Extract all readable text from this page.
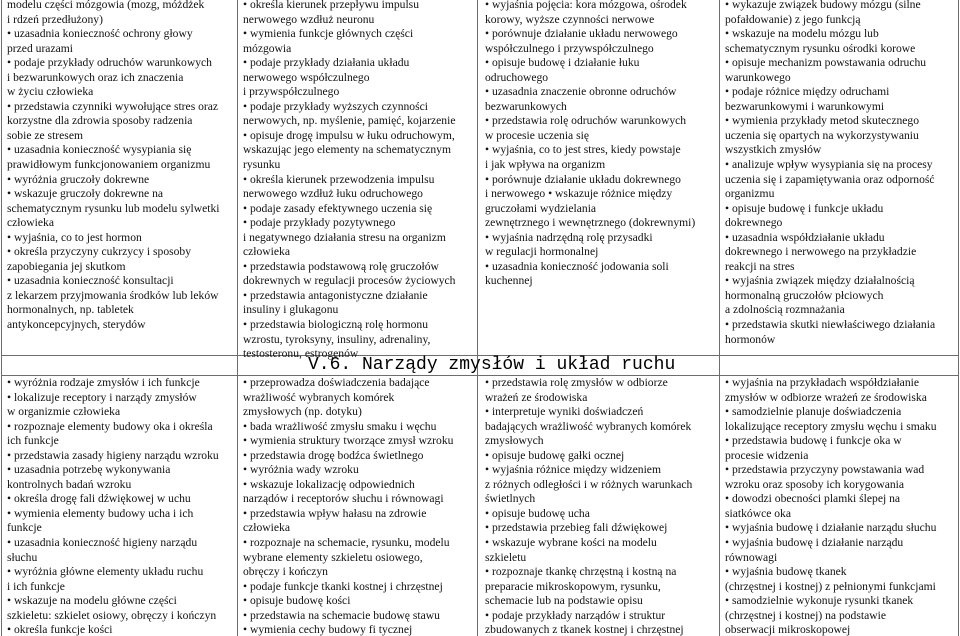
V.6. Narządy zmysłów i układ ruchu
modelu części mózgowia (mozg, móżdżek
i rdzeń przedłużony)
• uzasadnia konieczność ochrony głowy
przed urazami
• podaje przykłady odruchów warunkowych
i bezwarunkowych oraz ich znaczenia
w życiu człowieka
• przedstawia czynniki wywołujące stres oraz
korzystne dla zdrowia sposoby radzenia
sobie ze stresem
• uzasadnia konieczność wysypiania się
prawidłowym funkcjonowaniem organizmu
• wyróżnia gruczoły dokrewne
• wskazuje gruczoły dokrewne na
schematycznym rysunku lub modelu sylwetki
człowieka
• wyjaśnia, co to jest hormon
• określa przyczyny cukrzycy i sposoby
zapobiegania jej skutkom
• uzasadnia konieczność konsultacji
z lekarzem przyjmowania środków lub leków
hormonalnych, np. tabletek
antykoncepcyjnych, sterydów
• określa kierunek przepływu impulsu
nerwowego wzdłuż neuronu
• wymienia funkcje głównych części
mózgowia
• podaje przykłady działania układu
nerwowego współczulnego
i przywspółczulnego
• podaje przykłady wyższych czynności
nerwowych, np. myślenie, pamięć, kojarzenie
• opisuje drogę impulsu w łuku odruchowym,
wskazując jego elementy na schematycznym
rysunku
• określa kierunek przewodzenia impulsu
nerwowego wzdłuż łuku odruchowego
• podaje zasady efektywnego uczenia się
• podaje przykłady pozytywnego
i negatywnego działania stresu na organizm
człowieka
• przedstawia podstawową rolę gruczołów
dokrewnych w regulacji procesów życiowych
• przedstawia antagonistyczne działanie
insuliny i glukagonu
• przedstawia biologiczną rolę hormonu
wzrostu, tyroksyny, insuliny, adrenaliny,
testosteronu, estrogenów
• wyjaśnia pojęcia: kora mózgowa, ośrodek
korowy, wyższe czynności nerwowe
• porównuje działanie układu nerwowego
współczulnego i przywspółczulnego
• opisuje budowę i działanie łuku
odruchowego
• uzasadnia znaczenie obronne odruchów
bezwarunkowych
• przedstawia rolę odruchów warunkowych
w procesie uczenia się
• wyjaśnia, co to jest stres, kiedy powstaje
i jak wpływa na organizm
• porównuje działanie układu dokrewnego
i nerwowego • wskazuje różnice między
gruczołami wydzielania
zewnętrznego i wewnętrznego (dokrewnymi)
• wyjaśnia nadrzędną rolę przysadki
w regulacji hormonalnej
• uzasadnia konieczność jodowania soli
kuchennej
• wykazuje związek budowy mózgu (silne
pofałdowanie) z jego funkcją
• wskazuje na modelu mózgu lub
schematycznym rysunku ośrodki korowe
• opisuje mechanizm powstawania odruchu
warunkowego
• podaje różnice między odruchami
bezwarunkowymi i warunkowymi
• wymienia przykłady metod skutecznego
uczenia się opartych na wykorzystywaniu
wszystkich zmysłów
• analizuje wpływ wysypiania się na procesy
uczenia się i zapamiętywania oraz odporność
organizmu
• opisuje budowę i funkcje układu
dokrewnego
• uzasadnia współdziałanie układu
dokrewnego i nerwowego na przykładzie
reakcji na stres
• wyjaśnia związek między działalnością
hormonalną gruczołów płciowych
a zdolnością rozmnażania
• przedstawia skutki niewłaściwego działania
hormonów
• wyróżnia rodzaje zmysłów i ich funkcje
• lokalizuje receptory i narządy zmysłów
w organizmie człowieka
• rozpoznaje elementy budowy oka i określa
ich funkcje
• przedstawia zasady higieny narządu wzroku
• uzasadnia potrzebę wykonywania
kontrolnych badań wzroku
• określa drogę fali dźwiękowej w uchu
• wymienia elementy budowy ucha i ich
funkcje
• uzasadnia konieczność higieny narządu
słuchu
• wyróżnia główne elementy układu ruchu
i ich funkcje
• wskazuje na modelu główne części
szkieletu: szkielet osiowy, obręczy i kończyn
• określa funkcje kości
• przeprowadza doświadczenia badające
wrażliwość wybranych komórek
zmysłowych (np. dotyku)
• bada wrażliwość zmysłu smaku i węchu
• wymienia struktury tworzące zmysł wzroku
• przedstawia drogę bodźca świetlnego
• wyróżnia wady wzroku
• wskazuje lokalizację odpowiednich
narządów i receptorów słuchu i równowagi
• przedstawia wpływ hałasu na zdrowie
człowieka
• rozpoznaje na schemacie, rysunku, modelu
wybrane elementy szkieletu osiowego,
obręczy i kończyn
• podaje funkcje tkanki kostnej i chrzęstnej
• opisuje budowę kości
• przedstawia na schemacie budowę stawu
• wymienia cechy budowy fi tycznej
• przedstawia rolę zmysłów w odbiorze
wrażeń ze środowiska
• interpretuje wyniki doświadczeń
badających wrażliwość wybranych komórek
zmysłowych
• opisuje budowę gałki ocznej
• wyjaśnia różnice między widzeniem
z różnych odległości i w różnych warunkach
świetlnych
• opisuje budowę ucha
• przedstawia przebieg fali dźwiękowej
• wskazuje wybrane kości na modelu
szkieletu
• rozpoznaje tkankę chrzęstną i kostną na
preparacie mikroskopowym, rysunku,
schemacie lub na podstawie opisu
• podaje przykłady narządów i struktur
zbudowanych z tkanek kostnej i chrzęstnej
• wyjaśnia na przykładach współdziałanie
zmysłów w odbiorze wrażeń ze środowiska
• samodzielnie planuje doświadczenia
lokalizujące receptory zmysłu węchu i smaku
• przedstawia budowę i funkcje oka w
procesie widzenia
• przedstawia przyczyny powstawania wad
wzroku oraz sposoby ich korygowania
• dowodzi obecności plamki ślepej na
siatkówce oka
• wyjaśnia budowę i działanie narządu słuchu
• wyjaśnia budowę i działanie narządu
równowagi
• wyjaśnia budowę tkanek
(chrzęstnej i kostnej) z pełnionymi funkcjami
• samodzielnie wykonuje rysunki tkanek
(chrzęstnej i kostnej) na podstawie
obserwacji mikroskopowej
